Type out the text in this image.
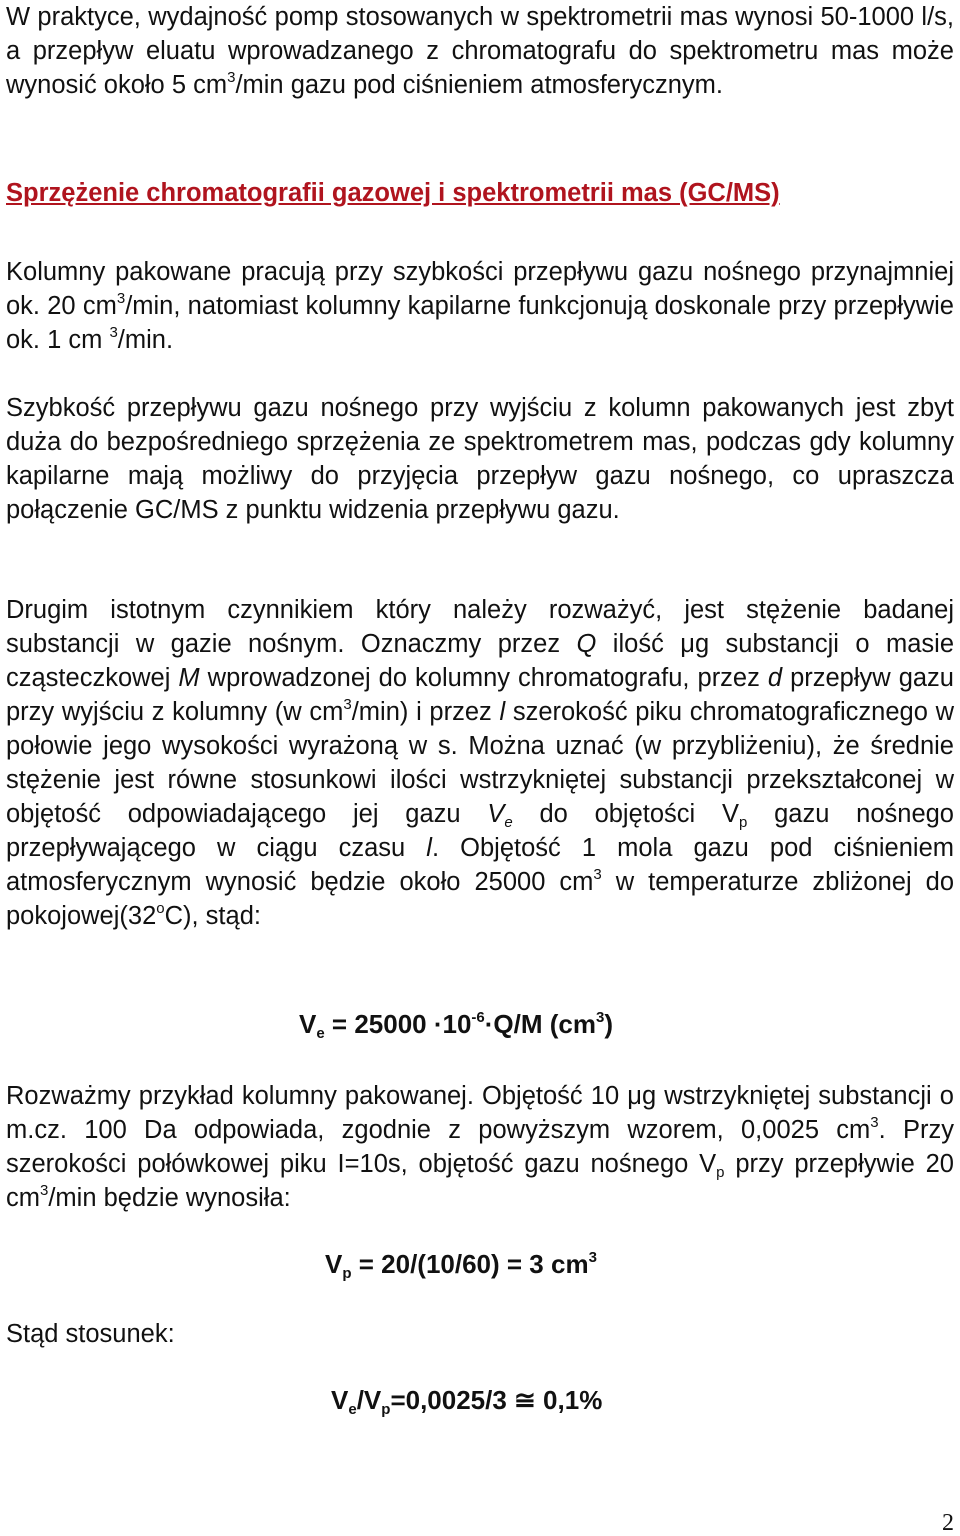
W praktyce, wydajność pomp stosowanych w spektrometrii mas wynosi 50-1000 l/s, a przepływ eluatu wprowadzanego z chromatografu do spektrometru mas może wynosić około 5 $cm^3/\min$ gazu pod ciśnieniem atmosferycznym.

Sprzężenie chromatografii gazowej i spektrometrii mas (GC/MS)

Kolumny pakowane pracują przy szybkości przepływu gazu nośnego przynajmniej ok. 20 $cm^3/\min$, natomiast kolumny kapilarne funkcjonują doskonale przy przepływie ok. 1 cm $^3$/min.

Szybkość przepływu gazu nośnego przy wyjściu z kolumn pakowanych jest zbyt duża do bezpośredniego sprzężenia ze spektrometrem mas, podczas gdy kolumny kapilarne mają możliwy do przyjęcia przepływ gazu nośnego, co upraszcza połączenie GC/MS z punktu widzenia przepływu gazu.

Drugim istotnym czynnikiem który należy rozważyć, jest stężenie badanej substancji w gazie nośnym. Oznaczmy przez Q ilość μg substancji o masie cząsteczkowej M wprowadzonej do kolumny chromatografu, przez d przepływ gazu przy wyjściu z kolumny (w $cm^3/\min$) i przez l szerokość piku chromatograficznego w połowie jego wysokości wyrażoną w s. Można uznać (w przybliżeniu), że średnie stężenie jest równe stosunkowi ilości wstrzykniętej substancji przekształconej w objętość odpowiadającego jej gazu $V_e$ do objętości $V_p$ gazu nośnego przepływającego w ciągu czasu l. Objętość 1 mola gazu pod ciśnieniem atmosferycznym wynosić będzie około 25000 $cm^3$ w temperaturze zbliżonej do pokojowej(32$^o$C), stąd:

$V_e = 25000 \cdot 10^{-6}\cdot Q/M$ $(cm^3)$

Rozważmy przykład kolumny pakowanej. Objętość 10 μg wstrzykniętej substancji o m.cz. 100 Da odpowiada, zgodnie z powyższym wzorem, 0,0025 $cm^3$. Przy szerokości połówkowej piku I=10s, objętość gazu nośnego $V_p$ przy przepływie 20 $cm^3/\min$ będzie wynosiła:

$V_p = 20/(10/60) = 3$ $cm^3$

Stąd stosunek:

$V_e/V_p=0,0025/3$ ≅ 0,1%
2
